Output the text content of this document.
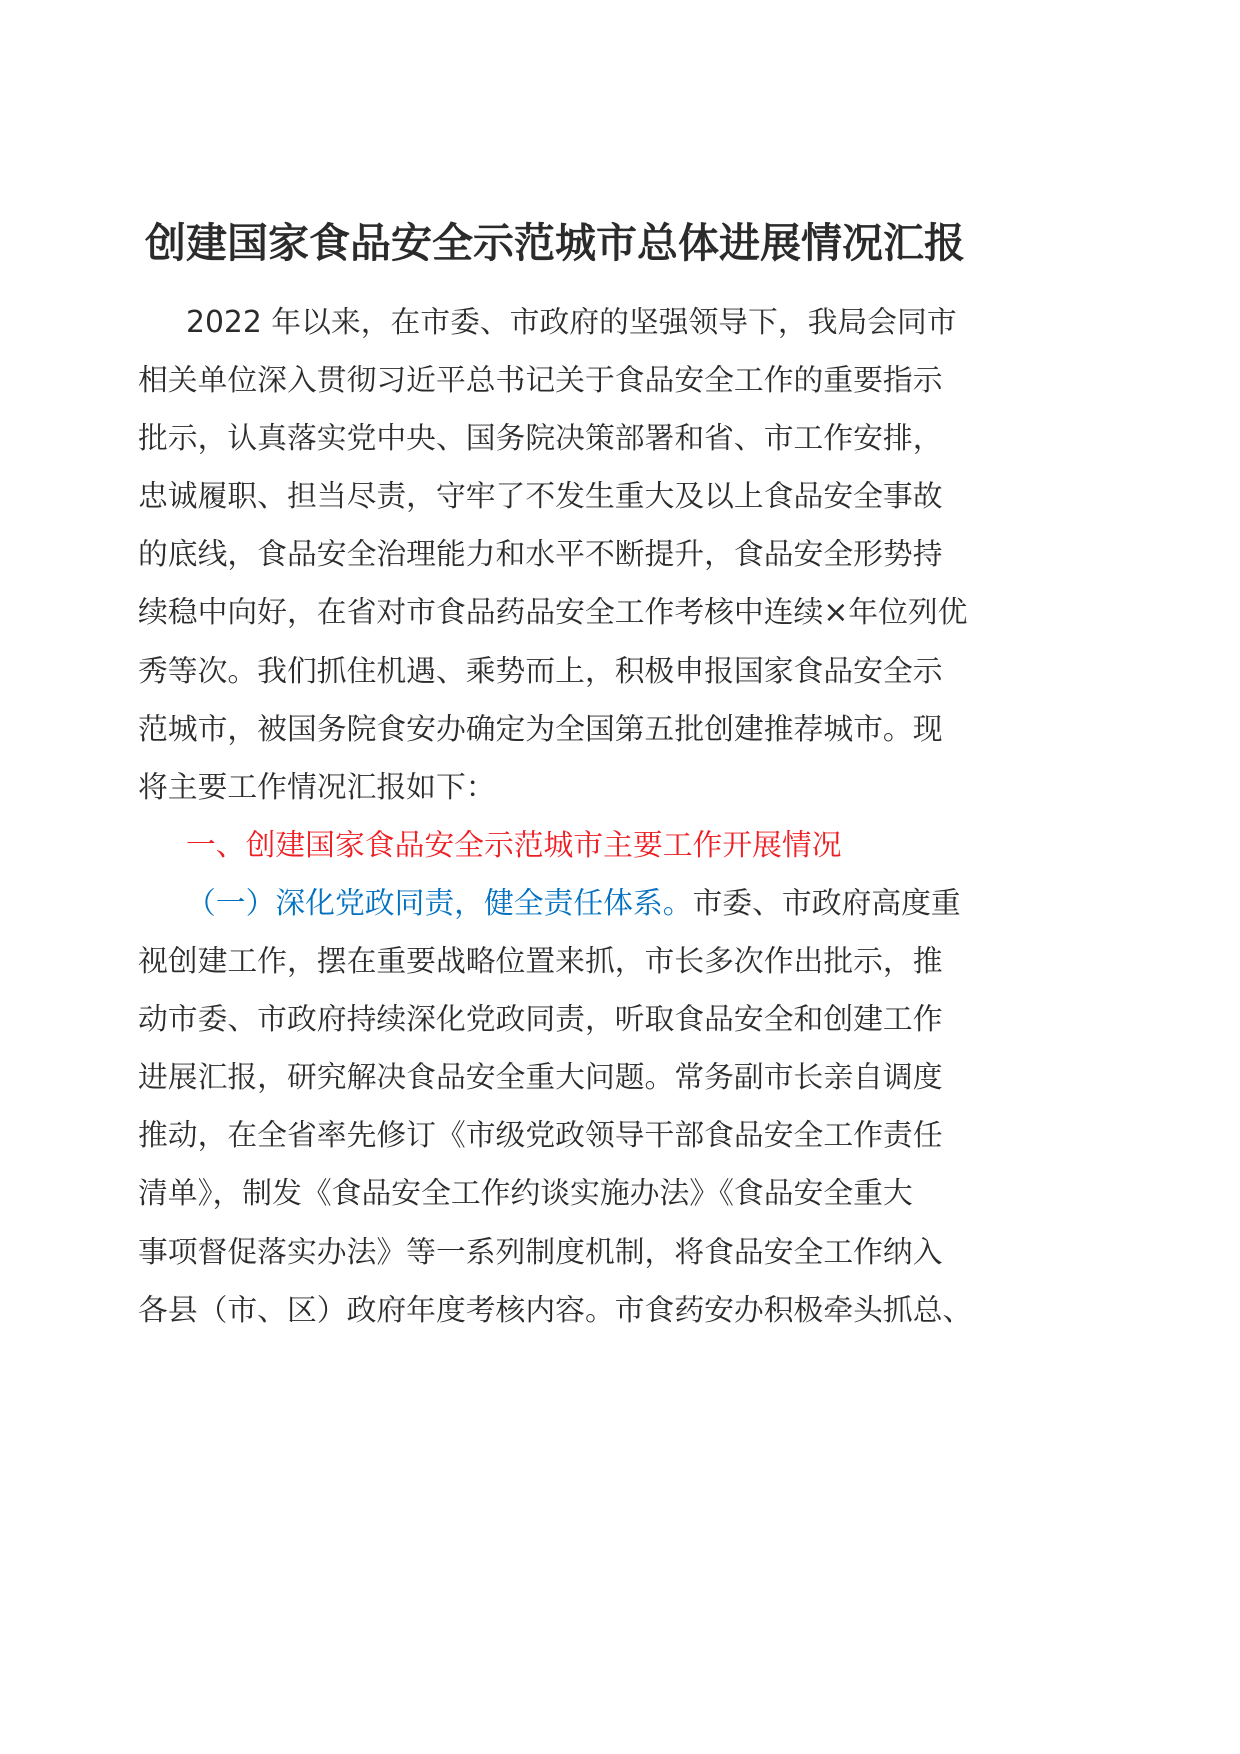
创建国家食品安全示范城市总体进展情况汇报
2022 年以来，在市委、市政府的坚强领导下，我局会同市
相关单位深入贯彻习近平总书记关于食品安全工作的重要指示
批示，认真落实党中央、国务院决策部署和省、市工作安排，
忠诚履职、担当尽责，守牢了不发生重大及以上食品安全事故
的底线，食品安全治理能力和水平不断提升，食品安全形势持
续稳中向好，在省对市食品药品安全工作考核中连续×年位列优
秀等次。我们抓住机遇、乘势而上，积极申报国家食品安全示
范城市，被国务院食安办确定为全国第五批创建推荐城市。现
将主要工作情况汇报如下：
一、创建国家食品安全示范城市主要工作开展情况
（一）深化党政同责，健全责任体系。市委、市政府高度重
视创建工作，摆在重要战略位置来抓，市长多次作出批示，推
动市委、市政府持续深化党政同责，听取食品安全和创建工作
进展汇报，研究解决食品安全重大问题。常务副市长亲自调度
推动，在全省率先修订《市级党政领导干部食品安全工作责任
清单》，制发《食品安全工作约谈实施办法》《食品安全重大
事项督促落实办法》等一系列制度机制，将食品安全工作纳入
各县（市、区）政府年度考核内容。市食药安办积极牵头抓总、
